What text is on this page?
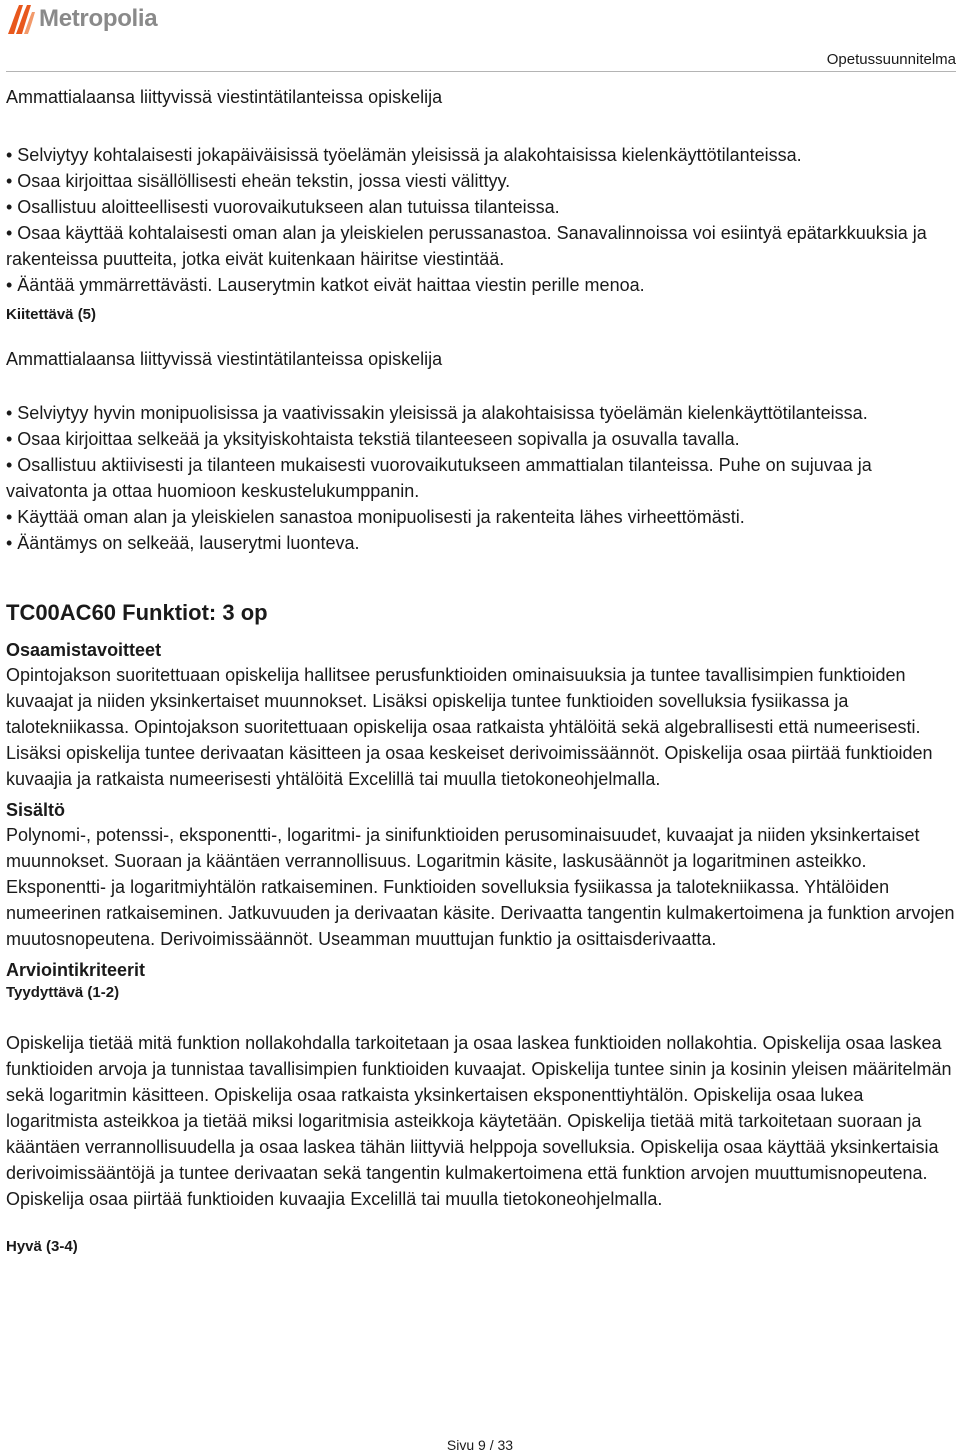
Metropolia
Opetussuunnitelma

Ammattialaansa liittyvissä viestintätilanteissa opiskelija

• Selviytyy kohtalaisesti jokapäiväisissä työelämän yleisissä ja alakohtaisissa kielenkäyttötilanteissa.

• Osaa kirjoittaa sisällöllisesti eheän tekstin, jossa viesti välittyy.

• Osallistuu aloitteellisesti vuorovaikutukseen alan tutuissa tilanteissa.

• Osaa käyttää kohtalaisesti oman alan ja yleiskielen perussanastoa. Sanavalinnoissa voi esiintyä epätarkkuuksia ja rakenteissa puutteita, jotka eivät kuitenkaan häiritse viestintää.

• Ääntää ymmärrettävästi. Lauserytmin katkot eivät haittaa viestin perille menoa.

Kiitettävä (5)

Ammattialaansa liittyvissä viestintätilanteissa opiskelija

• Selviytyy hyvin monipuolisissa ja vaativissakin yleisissä ja alakohtaisissa työelämän kielenkäyttötilanteissa.

• Osaa kirjoittaa selkeää ja yksityiskohtaista tekstiä tilanteeseen sopivalla ja osuvalla tavalla.

• Osallistuu aktiivisesti ja tilanteen mukaisesti vuorovaikutukseen ammattialan tilanteissa. Puhe on sujuvaa ja vaivatonta ja ottaa huomioon keskustelukumppanin.

• Käyttää oman alan ja yleiskielen sanastoa monipuolisesti ja rakenteita lähes virheettömästi.

• Ääntämys on selkeää, lauserytmi luonteva.

TC00AC60 Funktiot: 3 op
Osaamistavoitteet

Opintojakson suoritettuaan opiskelija hallitsee perusfunktioiden ominaisuuksia ja tuntee tavallisimpien funktioiden kuvaajat ja niiden yksinkertaiset muunnokset. Lisäksi opiskelija tuntee funktioiden sovelluksia fysiikassa ja talotekniikassa. Opintojakson suoritettuaan opiskelija osaa ratkaista yhtälöitä sekä algebrallisesti että numeerisesti. Lisäksi opiskelija tuntee derivaatan käsitteen ja osaa keskeiset derivoimissäännöt. Opiskelija osaa piirtää funktioiden kuvaajia ja ratkaista numeerisesti yhtälöitä Excelillä tai muulla tietokoneohjelmalla.

Sisältö

Polynomi-, potenssi-, eksponentti-, logaritmi- ja sinifunktioiden perusominaisuudet, kuvaajat ja niiden yksinkertaiset muunnokset. Suoraan ja kääntäen verrannollisuus. Logaritmin käsite, laskusäännöt ja logaritminen asteikko. Eksponentti- ja logaritmiyhtälön ratkaiseminen. Funktioiden sovelluksia fysiikassa ja talotekniikassa. Yhtälöiden numeerinen ratkaiseminen. Jatkuvuuden ja derivaatan käsite. Derivaatta tangentin kulmakertoimena ja funktion arvojen muutosnopeutena. Derivoimissäännöt. Useamman muuttujan funktio ja osittaisderivaatta.

Arviointikriteerit

Tyydyttävä (1-2)

Opiskelija tietää mitä funktion nollakohdalla tarkoitetaan ja osaa laskea funktioiden nollakohtia. Opiskelija osaa laskea funktioiden arvoja ja tunnistaa tavallisimpien funktioiden kuvaajat. Opiskelija tuntee sinin ja kosinin yleisen määritelmän sekä logaritmin käsitteen. Opiskelija osaa ratkaista yksinkertaisen eksponenttiyhtälön. Opiskelija osaa lukea logaritmista asteikkoa ja tietää miksi logaritmisia asteikkoja käytetään. Opiskelija tietää mitä tarkoitetaan suoraan ja kääntäen verrannollisuudella ja osaa laskea tähän liittyviä helppoja sovelluksia. Opiskelija osaa käyttää yksinkertaisia derivoimissääntöjä ja tuntee derivaatan sekä tangentin kulmakertoimena että funktion arvojen muuttumisnopeutena. Opiskelija osaa piirtää funktioiden kuvaajia Excelillä tai muulla tietokoneohjelmalla.

Hyvä (3-4)

Sivu 9 / 33
